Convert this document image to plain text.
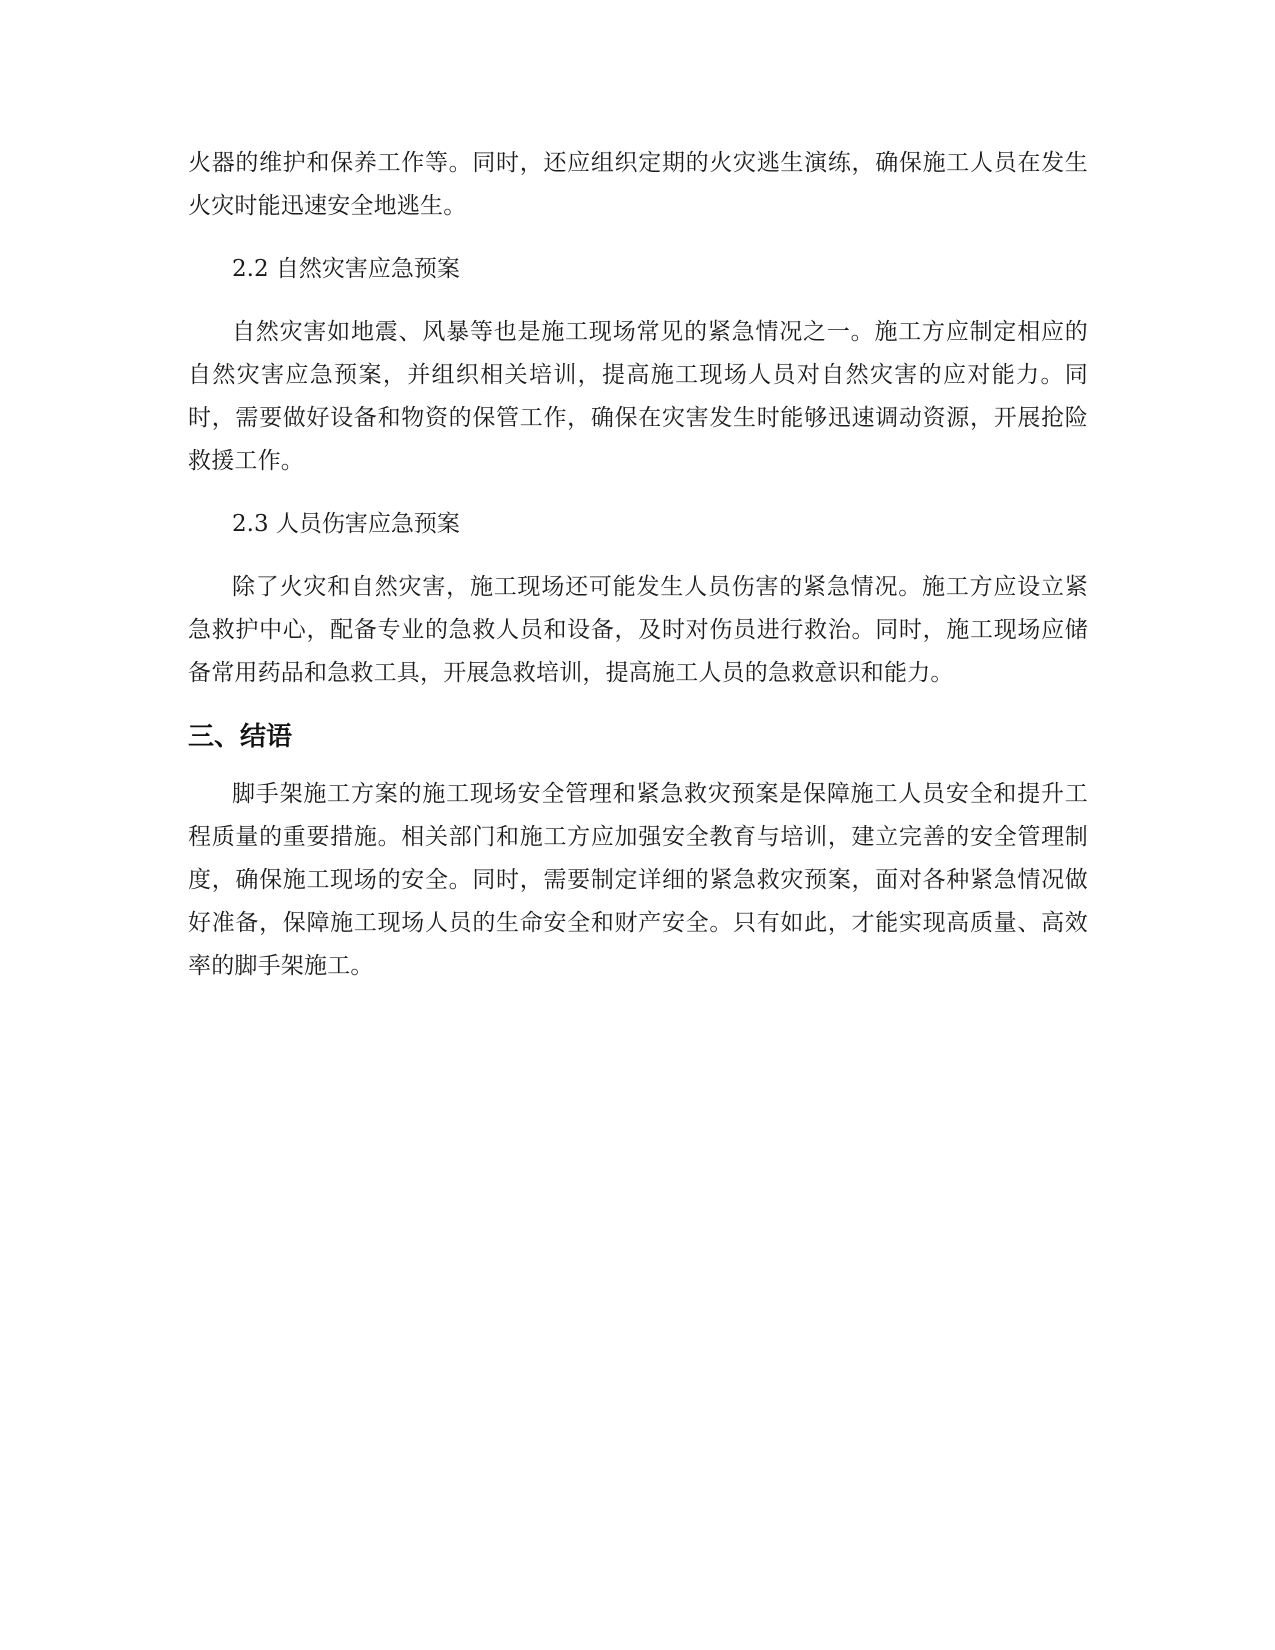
火器的维护和保养工作等。同时，还应组织定期的火灾逃生演练，确保施工人员在发生火灾时能迅速安全地逃生。

2.2 自然灾害应急预案

自然灾害如地震、风暴等也是施工现场常见的紧急情况之一。施工方应制定相应的自然灾害应急预案，并组织相关培训，提高施工现场人员对自然灾害的应对能力。同时，需要做好设备和物资的保管工作，确保在灾害发生时能够迅速调动资源，开展抢险救援工作。

2.3 人员伤害应急预案

除了火灾和自然灾害，施工现场还可能发生人员伤害的紧急情况。施工方应设立紧急救护中心，配备专业的急救人员和设备，及时对伤员进行救治。同时，施工现场应储备常用药品和急救工具，开展急救培训，提高施工人员的急救意识和能力。

三、结语

脚手架施工方案的施工现场安全管理和紧急救灾预案是保障施工人员安全和提升工程质量的重要措施。相关部门和施工方应加强安全教育与培训，建立完善的安全管理制度，确保施工现场的安全。同时，需要制定详细的紧急救灾预案，面对各种紧急情况做好准备，保障施工现场人员的生命安全和财产安全。只有如此，才能实现高质量、高效率的脚手架施工。
